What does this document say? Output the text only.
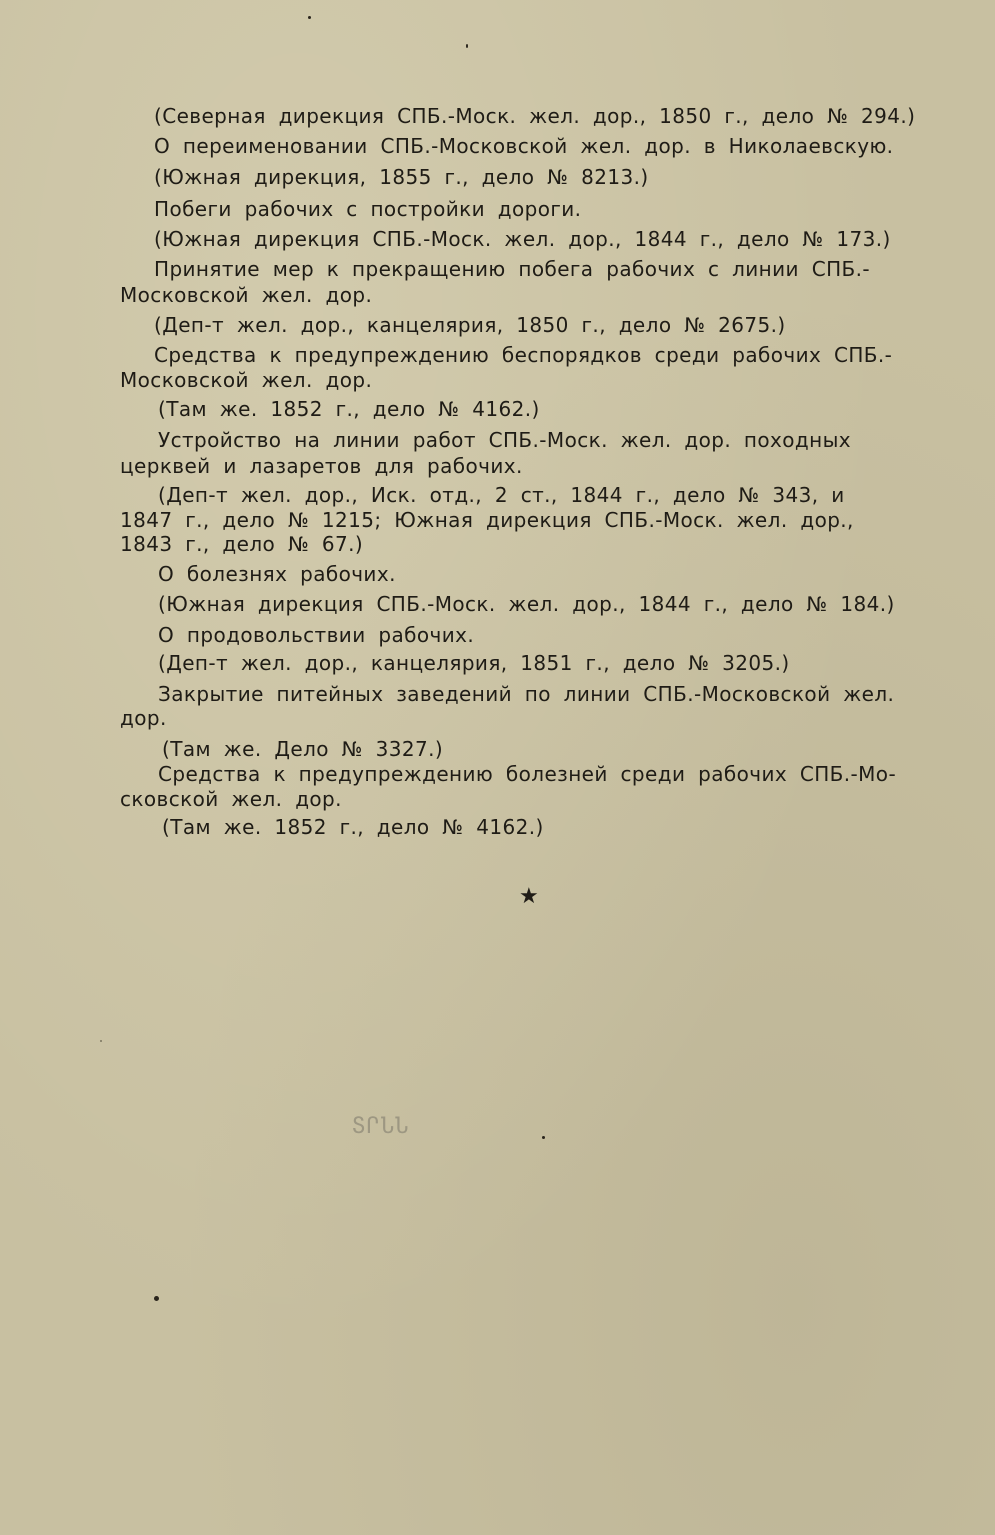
(Северная дирекция СПБ.-Моск. жел. дор., 1850 г., дело № 294.)
О переименовании СПБ.-Московской жел. дор. в Николаевскую.
(Южная дирекция, 1855 г., дело № 8213.)
Побеги рабочих с постройки дороги.
(Южная дирекция СПБ.-Моск. жел. дор., 1844 г., дело № 173.)
Принятие мер к прекращению побега рабочих с линии СПБ.-
Московской жел. дор.
(Деп-т жел. дор., канцелярия, 1850 г., дело № 2675.)
Средства к предупреждению беспорядков среди рабочих СПБ.-
Московской жел. дор.
(Там же. 1852 г., дело № 4162.)
Устройство на линии работ СПБ.-Моск. жел. дор. походных
церквей и лазаретов для рабочих.
(Деп-т жел. дор., Иск. отд., 2 ст., 1844 г., дело № 343, и
1847 г., дело № 1215; Южная дирекция СПБ.-Моск. жел. дор.,
1843 г., дело № 67.)
О болезнях рабочих.
(Южная дирекция СПБ.-Моск. жел. дор., 1844 г., дело № 184.)
О продовольствии рабочих.
(Деп-т жел. дор., канцелярия, 1851 г., дело № 3205.)
Закрытие питейных заведений по линии СПБ.-Московской жел.
дор.
(Там же. Дело № 3327.)
Средства к предупреждению болезней среди рабочих СПБ.-Мо-
сковской жел. дор.
(Там же. 1852 г., дело № 4162.)
★
ՏՐՆՆ
